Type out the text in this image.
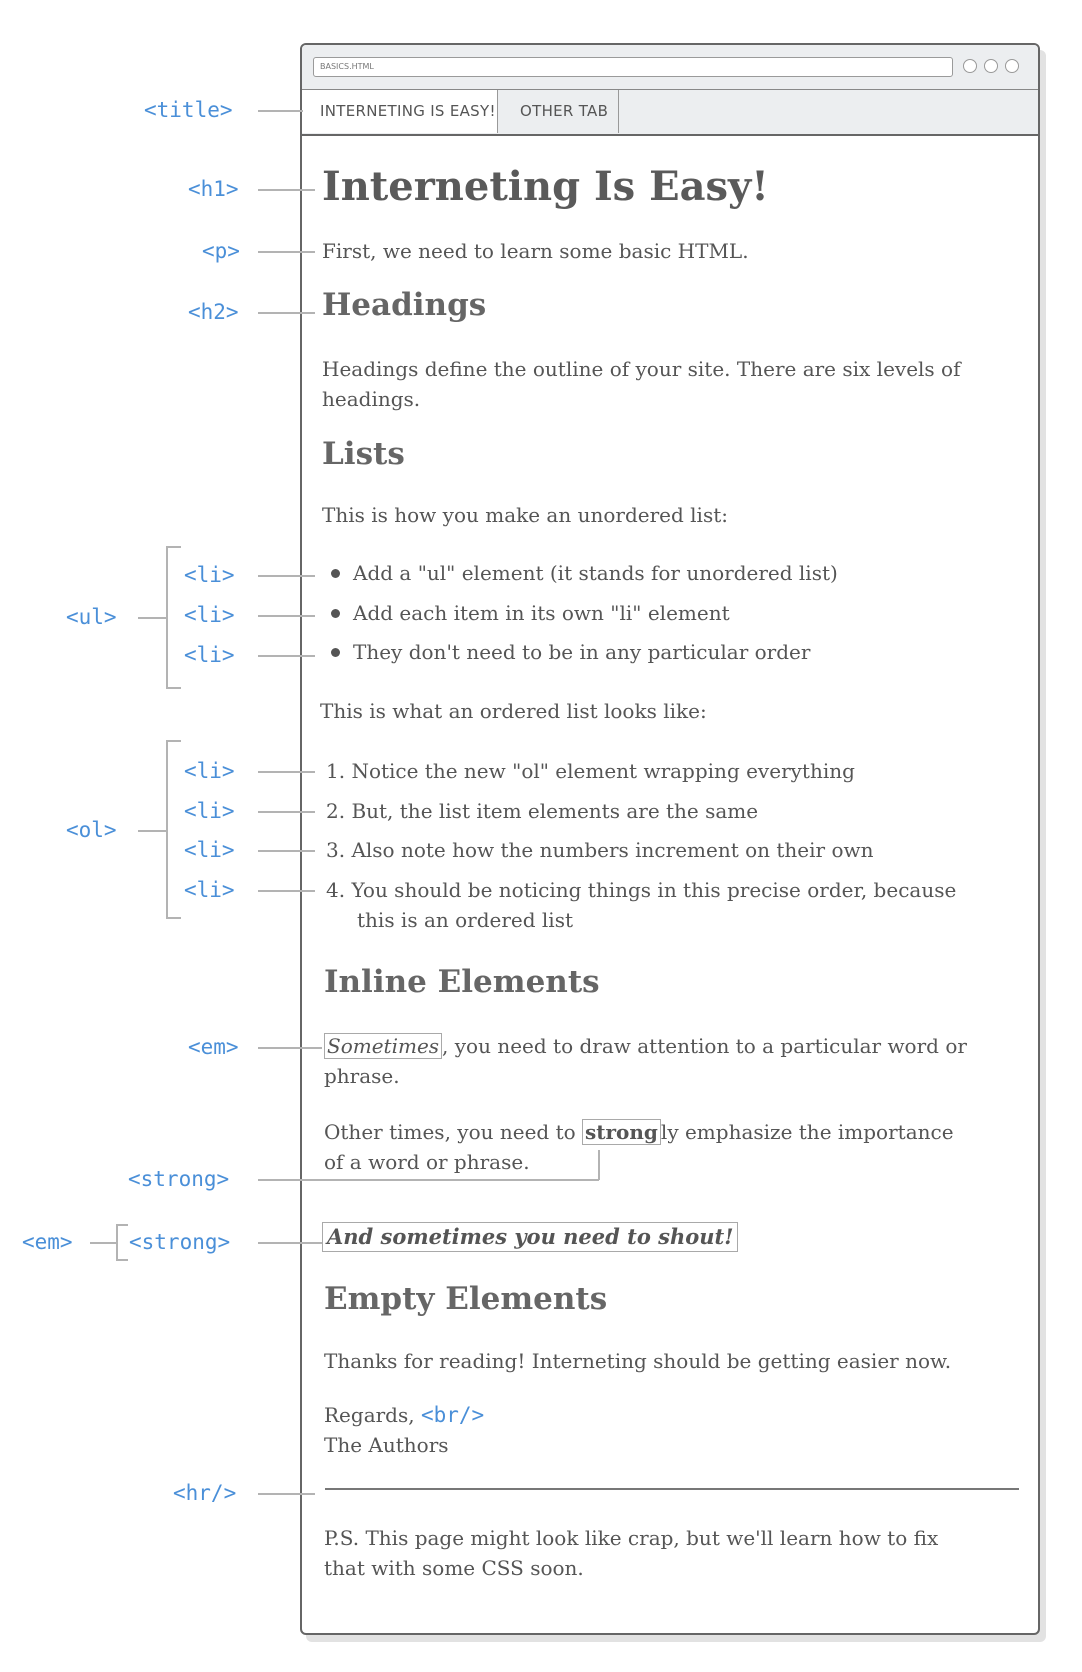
BASICS.HTML
INTERNETING IS EASY!	OTHER TAB
Interneting Is Easy!
First, we need to learn some basic HTML.
Headings
Headings define the outline of your site. There are six levels of
headings.
Lists
This is how you make an unordered list:
Add a "ul" element (it stands for unordered list)
Add each item in its own "li" element
They don't need to be in any particular order
This is what an ordered list looks like:
1. Notice the new "ol" element wrapping everything
2. But, the list item elements are the same
3. Also note how the numbers increment on their own
4. You should be noticing things in this precise order, because
this is an ordered list
Inline Elements
Sometimes , you need to draw attention to a particular word or
phrase.
Other times, you need to strong ly emphasize the importance
of a word or phrase.
And sometimes you need to shout!
Empty Elements
Thanks for reading! Interneting should be getting easier now.
Regards, <br/>
The Authors
P.S. This page might look like crap, but we'll learn how to fix
that with some CSS soon.
<title>
<h1>
<p>
<h2>
<ul>
<li>
<li>
<li>
<ol>
<li>
<li>
<li>
<li>
<em>
<strong>
<em>	<strong>
<hr/>
